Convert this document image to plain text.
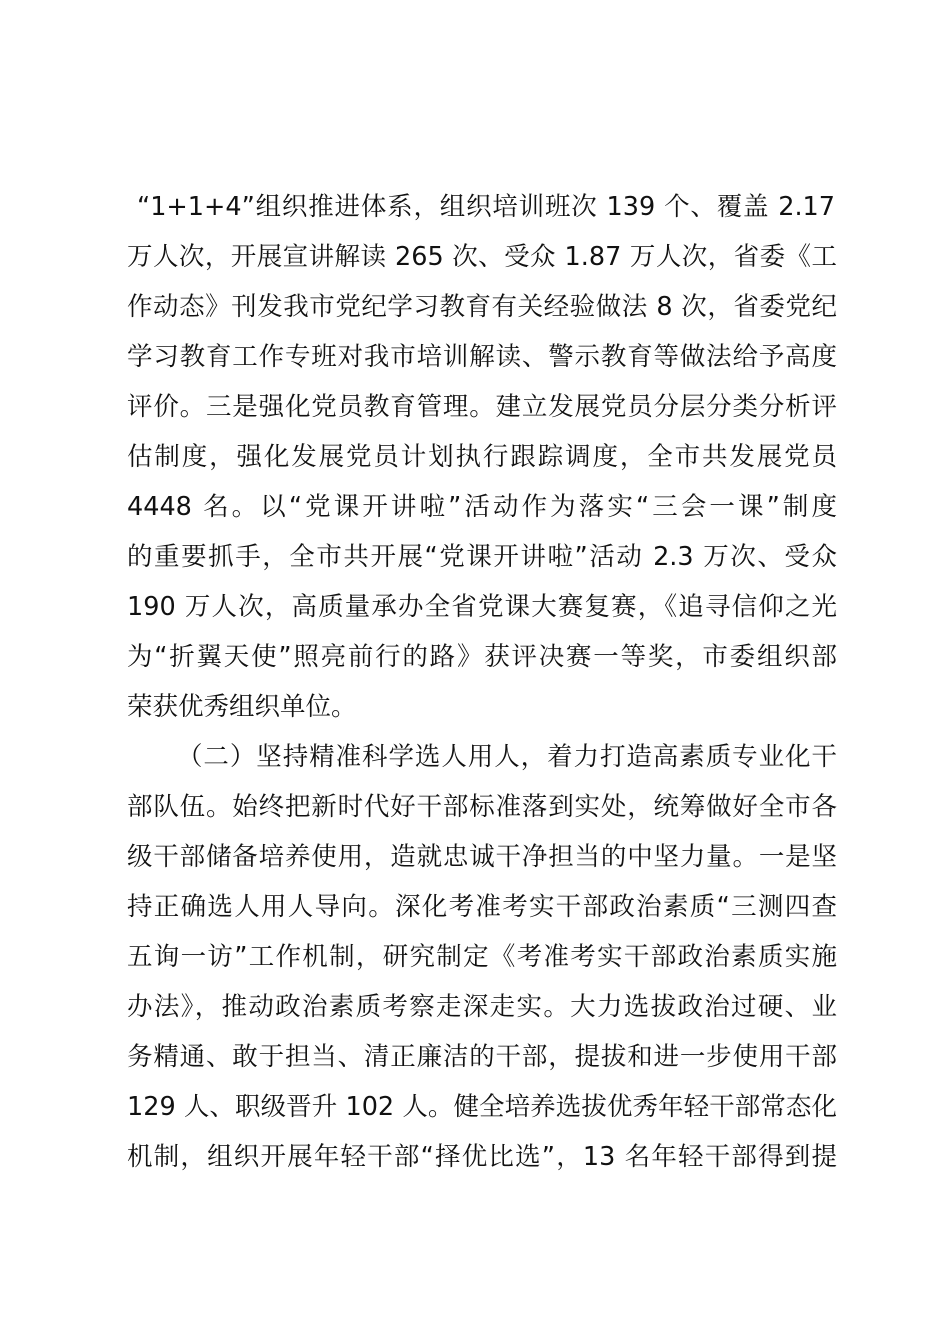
“1+1+4”组织推进体系，组织培训班次 139 个、覆盖 2.17
万人次，开展宣讲解读 265 次、受众 1.87 万人次，省委《工
作动态》刊发我市党纪学习教育有关经验做法 8 次，省委党纪
学习教育工作专班对我市培训解读、警示教育等做法给予高度
评价。三是强化党员教育管理。建立发展党员分层分类分析评
估制度，强化发展党员计划执行跟踪调度，全市共发展党员
4448 名。以“党课开讲啦”活动作为落实“三会一课”制度
的重要抓手，全市共开展“党课开讲啦”活动 2.3 万次、受众
190 万人次，高质量承办全省党课大赛复赛，《追寻信仰之光
为“折翼天使”照亮前行的路》获评决赛一等奖，市委组织部
荣获优秀组织单位。
（二）坚持精准科学选人用人，着力打造高素质专业化干
部队伍。始终把新时代好干部标准落到实处，统筹做好全市各
级干部储备培养使用，造就忠诚干净担当的中坚力量。一是坚
持正确选人用人导向。深化考准考实干部政治素质“三测四查
五询一访”工作机制，研究制定《考准考实干部政治素质实施
办法》，推动政治素质考察走深走实。大力选拔政治过硬、业
务精通、敢于担当、清正廉洁的干部，提拔和进一步使用干部
129 人、职级晋升 102 人。健全培养选拔优秀年轻干部常态化
机制，组织开展年轻干部“择优比选”，13 名年轻干部得到提
